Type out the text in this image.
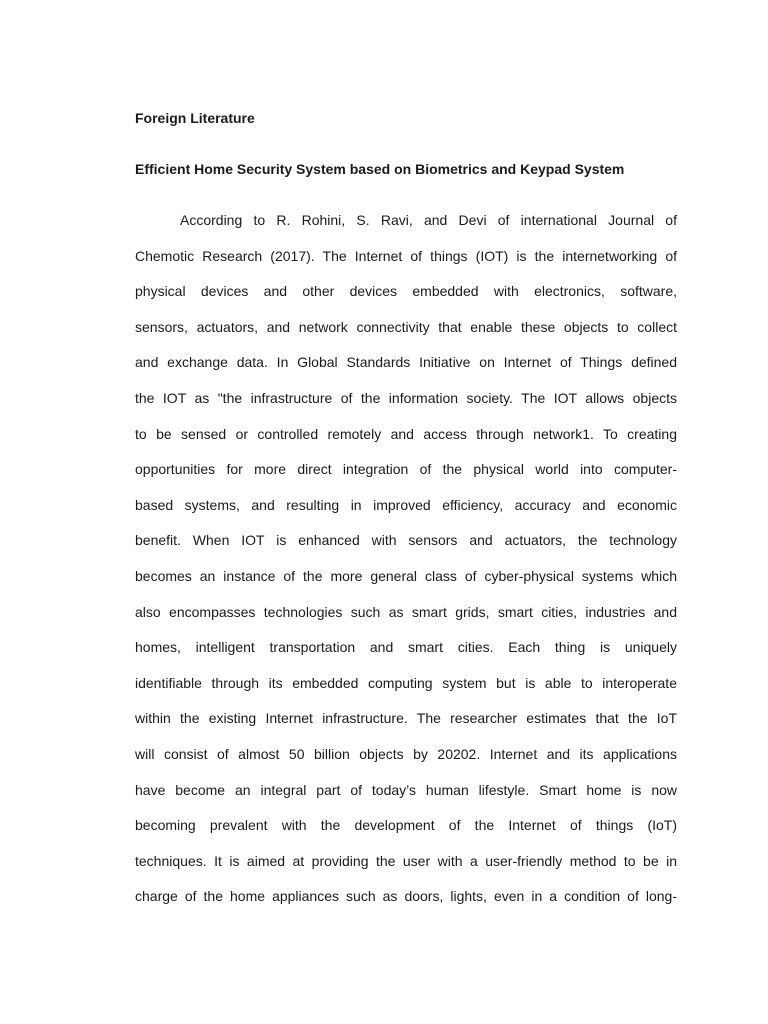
Foreign Literature
Efficient Home Security System based on Biometrics and Keypad System
According to R. Rohini, S. Ravi, and Devi of international Journal of
Chemotic Research (2017). The Internet of things (IOT) is the internetworking of
physical devices and other devices embedded with electronics, software,
sensors, actuators, and network connectivity that enable these objects to collect
and exchange data. In Global Standards Initiative on Internet of Things defined
the IOT as "the infrastructure of the information society. The IOT allows objects
to be sensed or controlled remotely and access through network1. To creating
opportunities for more direct integration of the physical world into computer-
based systems, and resulting in improved efficiency, accuracy and economic
benefit. When IOT is enhanced with sensors and actuators, the technology
becomes an instance of the more general class of cyber-physical systems which
also encompasses technologies such as smart grids, smart cities, industries and
homes, intelligent transportation and smart cities. Each thing is uniquely
identifiable through its embedded computing system but is able to interoperate
within the existing Internet infrastructure. The researcher estimates that the IoT
will consist of almost 50 billion objects by 20202. Internet and its applications
have become an integral part of today’s human lifestyle. Smart home is now
becoming prevalent with the development of the Internet of things (IoT)
techniques. It is aimed at providing the user with a user-friendly method to be in
charge of the home appliances such as doors, lights, even in a condition of long-
